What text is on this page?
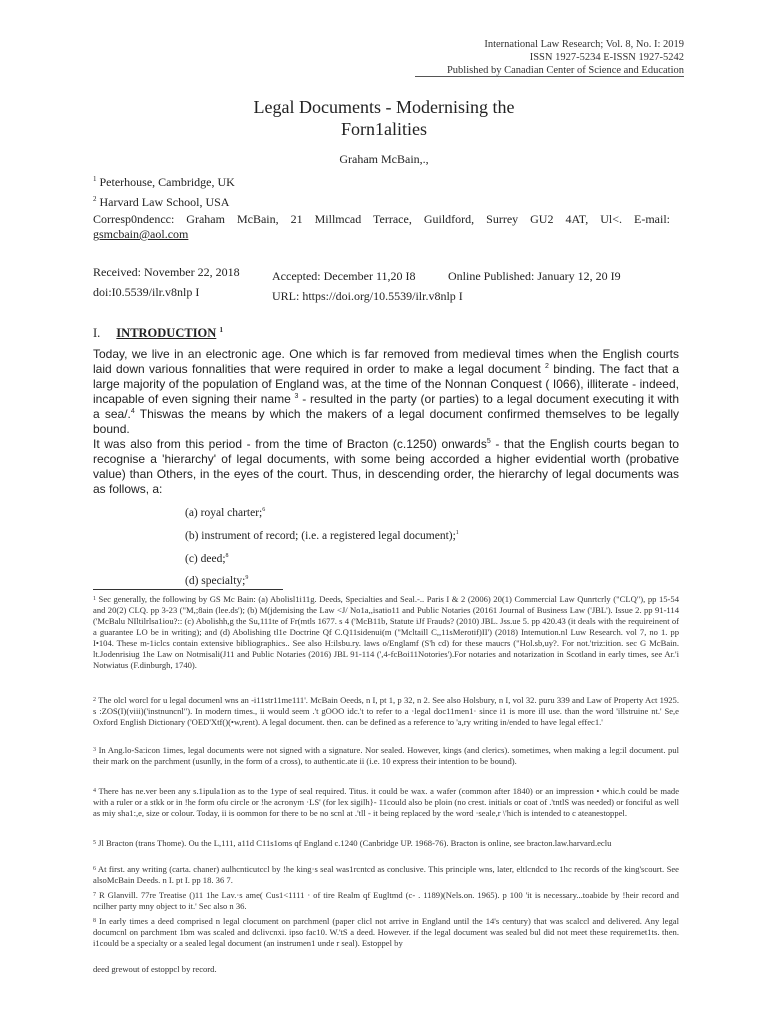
International Law Research; Vol. 8, No. I: 2019
ISSN 1927-5234 E-ISSN 1927-5242
Published by Canadian Center of Science and Education
Legal Documents - Modernising the
Forn1alities
Graham McBain,.,
$^1$ Peterhouse, Cambridge, UK
$^2$ Harvard Law School, USA
Corresp0ndencc: Graham McBain, 21 Millmcad Terrace, Guildford, Surrey GU2 4AT, Ul<. E-mail:
gsmcbain@aol.com
Received: November 22, 2018	Accepted: December 11,20 I8	Online Published: January 12, 20 I9
doi:I0.5539/ilr.v8nlp I	URL: https://doi.org/10.5539/ilr.v8nlp I
I. INTRODUCTION $^1$
Today, we live in an electronic age. One which is far removed from medieval times when the English courts laid down various fonnalities that were required in order to make a legal document $^2$ binding. The fact that a large majority of the population of England was, at the time of the Nonnan Conquest ( I066), illiterate - indeed, incapable of even signing their name $^3$ - resulted in the party (or parties) to a legal document executing it with a sea/.$^4$ Thiswas the means by which the makers of a legal document confirmed themselves to be legally bound.
It was also from this period - from the time of Bracton (c.1250) onwards$^5$ - that the English courts began to recognise a 'hierarchy' of legal documents, with some being accorded a higher evidential worth (probative value) than Others, in the eyes of the court. Thus, in descending order, the hierarchy of legal documents was as follows, a:
(a) royal charter;$^6$
(b) instrument of record; (i.e. a registered legal document);$^1$
(c) deed;$^8$
(d) specialty;$^9$
$^1$ Sec generally, the following by GS Mc Bain: (a) Abolisl1i11g. Deeds, Specialties and Seal.-.. Paris I & 2 (2006) 20(1) Commercial Law Qunrtcrly ("CLQ"), pp 15-54 and 20(2) CLQ. pp 3-23 ("M,;8ain (lee.ds'); (b) M(jdemising the Law <J/ No1a,,isatio11 and Public Notaries (20161 Journal of Business Law ('JBL'). Issue 2. pp 91-114 ('McBalu NIltilrlsa1iou?:: (c) Abolishh,g the Su,111te of Fr(mtls 1677. s 4 ('McB11b, Statute iJf Frauds? (2010) JBL. Jss.ue 5. pp 420.43 (it deals with the requireinent of a guarantee LO be in writing); and (d) Abolishing tl1e Doctrine Qf C.Q11sidenui(m ("Mcltaill C,,11sMerotif)II') (2018) Intemution.nl Luw Research. vol 7, no 1. pp I•104. These m-1iclcs contain extensive bibliographics.. See also H:ilsbu.ry. laws o/Englamf (S'h cd) for these maucrs ("Hol.sb,uy?. For not.'triz:ition. sec G McBain. lt.Jodenrisiug 1he Law on Notmisali(J11 and Public Notaries (2016) JBL 91-114 (',4-fcBoi11Notories').For notaries and notarization in Scotland in early times, see Ar.'i Notwiatus (F.dinburgh, 1740).
$^2$ The olcl worcl for u legal documenl wns an -i11str11me111'. McBain Oeeds, n I, pt 1, p 32, n 2. See also Holsbury, n I, vol 32. puru 339 and Law of Property Act 1925. s :ZOS(I)(viii)('instnuncnl"). In modern times., ii would seem .'t gOOO idc.'t to refer to a ·legal doc11men1· since i1 is more ill use. than the word 'illstruine nt.' Se,e Oxford English Dictionary ('OED'Xtf()(•w,rent). A legal document. then. can be defined as a reference to 'a,ry writing in/ended to have legal effec1.'
$^3$ In Ang.lo-Sa:icon 1imes, legal documents were not signed with a signature. Nor sealed. However, kings (and clerics). sometimes, when making a leg:il document. pul their mark on the parchment (usunlly, in the form of a cross), to authentic.ate ii (i.e. 10 express their intention to be bound).
$^4$ There has ne.ver been any s.1ipula1ion as to the 1ype of seal required. Titus. it could be wax. a wafer (common after 1840) or an impression • whic.h could be made with a ruler or a stkk or in !he form ofu circle or !he acronym ·LS' (for lex sigilh}- 11could also be ploin (no crest. initials or coat of .'tntlS was needed) or fonciful as well as miy sha1:,e, size or colour. Today, ii is oommon for there to be no scnl at .'tll - it being replaced by the word ·seale,r \'hich is intended to c ateanestoppel.
$^5$ Jl Bracton (trans Thome). Ou the L,111, a11d C11s1oms qf England c.1240 (Canbridge UP. 1968-76). Bracton is online, see bracton.law.harvard.eclu
$^6$ At first. any writing (carta. chaner) aulhcnticutccl by !he king·s seal was1rcntcd as conclusive. This principle wns, later, eltlcndcd to 1hc records of the king'scourt. See alsoMcBain Deeds. n I. pt I. pp 18. 36 7.
$^7$ R Glanvill. 77re Treatise ()11 1he Lav.·s ame( Cus1<1111 · of tire Realm qf Eugltmd (c- . 1189)(Nels.on. 1965). p 100 'it is necessary...toabide by !heir record and ncilher party mny object to it.' Sec also n 36.
$^8$ In early times a deed comprised n legal clocument on parchmenl (paper clicl not arrive in England until the 14's century) that was scalccl and delivered. Any legal documcnl on parchment 1bm was scaled and dclivcnxi. ipso fac10. W.'tS a deed. However. if the legal document was sealed bul did not meet these requiremet1ts. then. i1could be a specialty or a sealed legal document (an instrumen1 unde r seal). Estoppel by
deed grewout of estoppcl by record.
